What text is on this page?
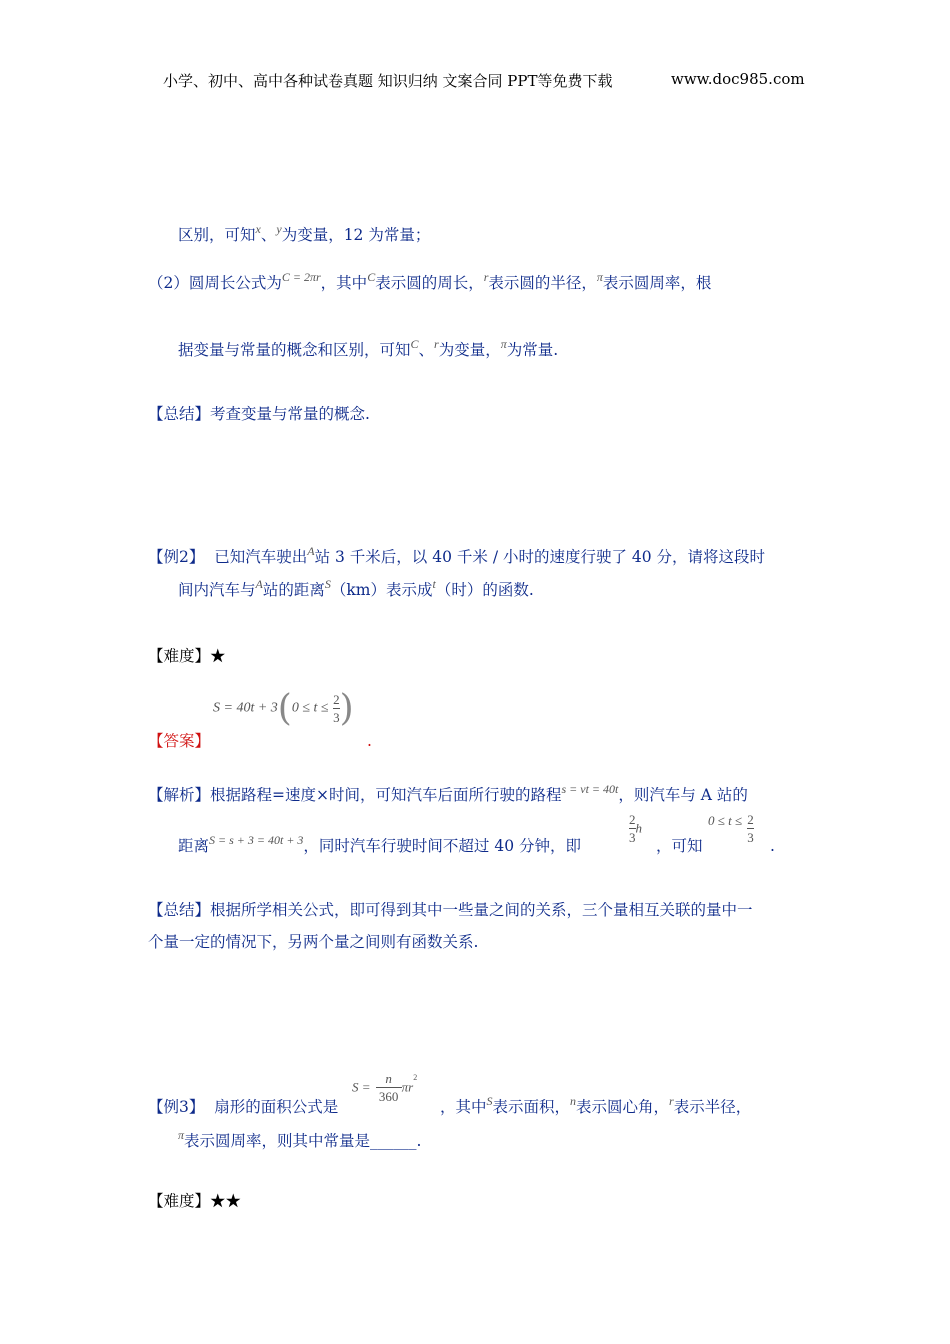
小学、初中、高中各种试卷真题 知识归纳 文案合同 PPT等免费下载	www.doc985.com
区别，可知$^x$、$^y$为变量，12 为常量；
（2）圆周长公式为$^{C = 2\pi r}$，其中$^C$表示圆的周长，$^r$表示圆的半径，$^\pi$表示圆周率，根
据变量与常量的概念和区别，可知$^C$、$^r$为变量，$^\pi$为常量.
【总结】考查变量与常量的概念.
【例2】 已知汽车驶出$^A$站 3 千米后，以 40 千米 / 小时的速度行驶了 40 分，请将这段时
间内汽车与$^A$站的距离$^S$（km）表示成$^t$（时）的函数.
【难度】★
$S = 40t + 3(0 \le t \le \frac{2}{3}$ )
【答案】	.
【解析】根据路程=速度×时间，可知汽车后面所行驶的路程$^{s = vt = 40t}$，则汽车与 A 站的
距离$^{S = s + 3 = 40t + 3}$，同时汽车行驶时间不超过 40 分钟，即
$\frac{2}{3}$ h
，可知
$^{0 \le t \le} \frac{2}{3}$
.
【总结】根据所学相关公式，即可得到其中一些量之间的关系，三个量相互关联的量中一
个量一定的情况下，另两个量之间则有函数关系.
$S = \frac{n}{360} \pi r^2$
【例3】 扇形的面积公式是	，其中$^S$表示面积，$^n$表示圆心角，$^r$表示半径，
$^\pi$表示圆周率，则其中常量是______.
【难度】★★
